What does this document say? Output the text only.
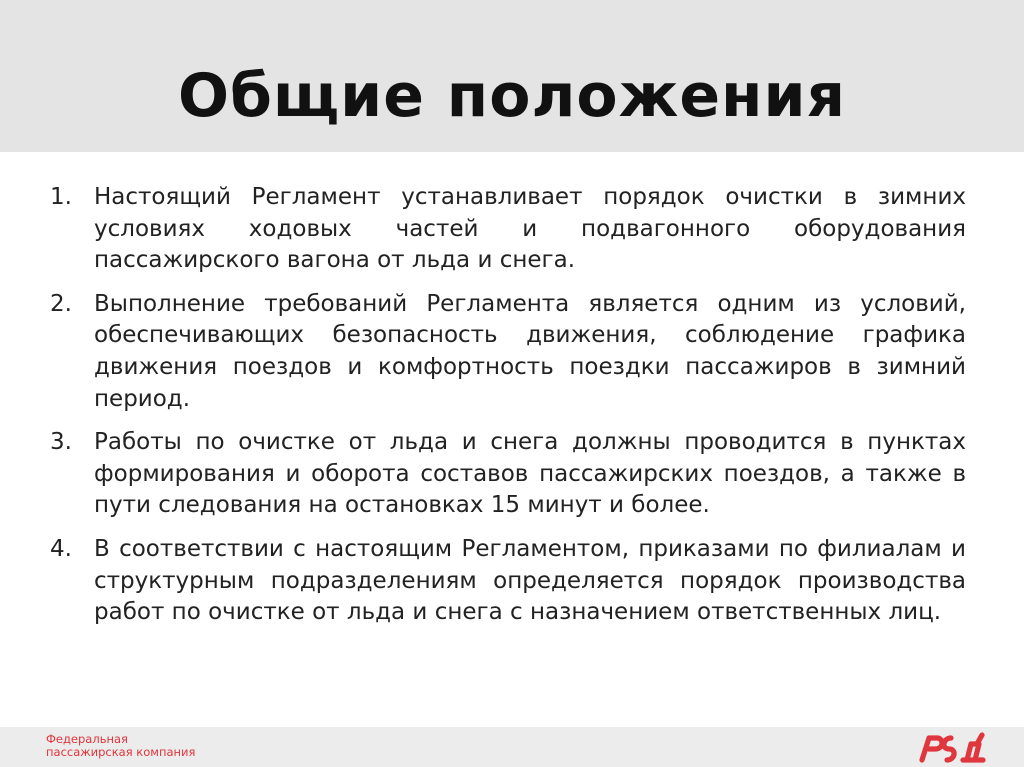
Общие положения
1. Настоящий Регламент устанавливает порядок очистки в зимних условиях ходовых частей и подвагонного оборудования пассажирского вагона от льда и снега.
2. Выполнение требований Регламента является одним из условий, обеспечивающих безопасность движения, соблюдение графика движения поездов и комфортность поездки пассажиров в зимний период.
3. Работы по очистке от льда и снега должны проводится в пунктах формирования и оборота составов пассажирских поездов, а также в пути следования на остановках 15 минут и более.
4. В соответствии с настоящим Регламентом, приказами по филиалам и структурным подразделениям определяется порядок производства работ по очистке от льда и снега с назначением ответственных лиц.
Федеральная
пассажирская компания
